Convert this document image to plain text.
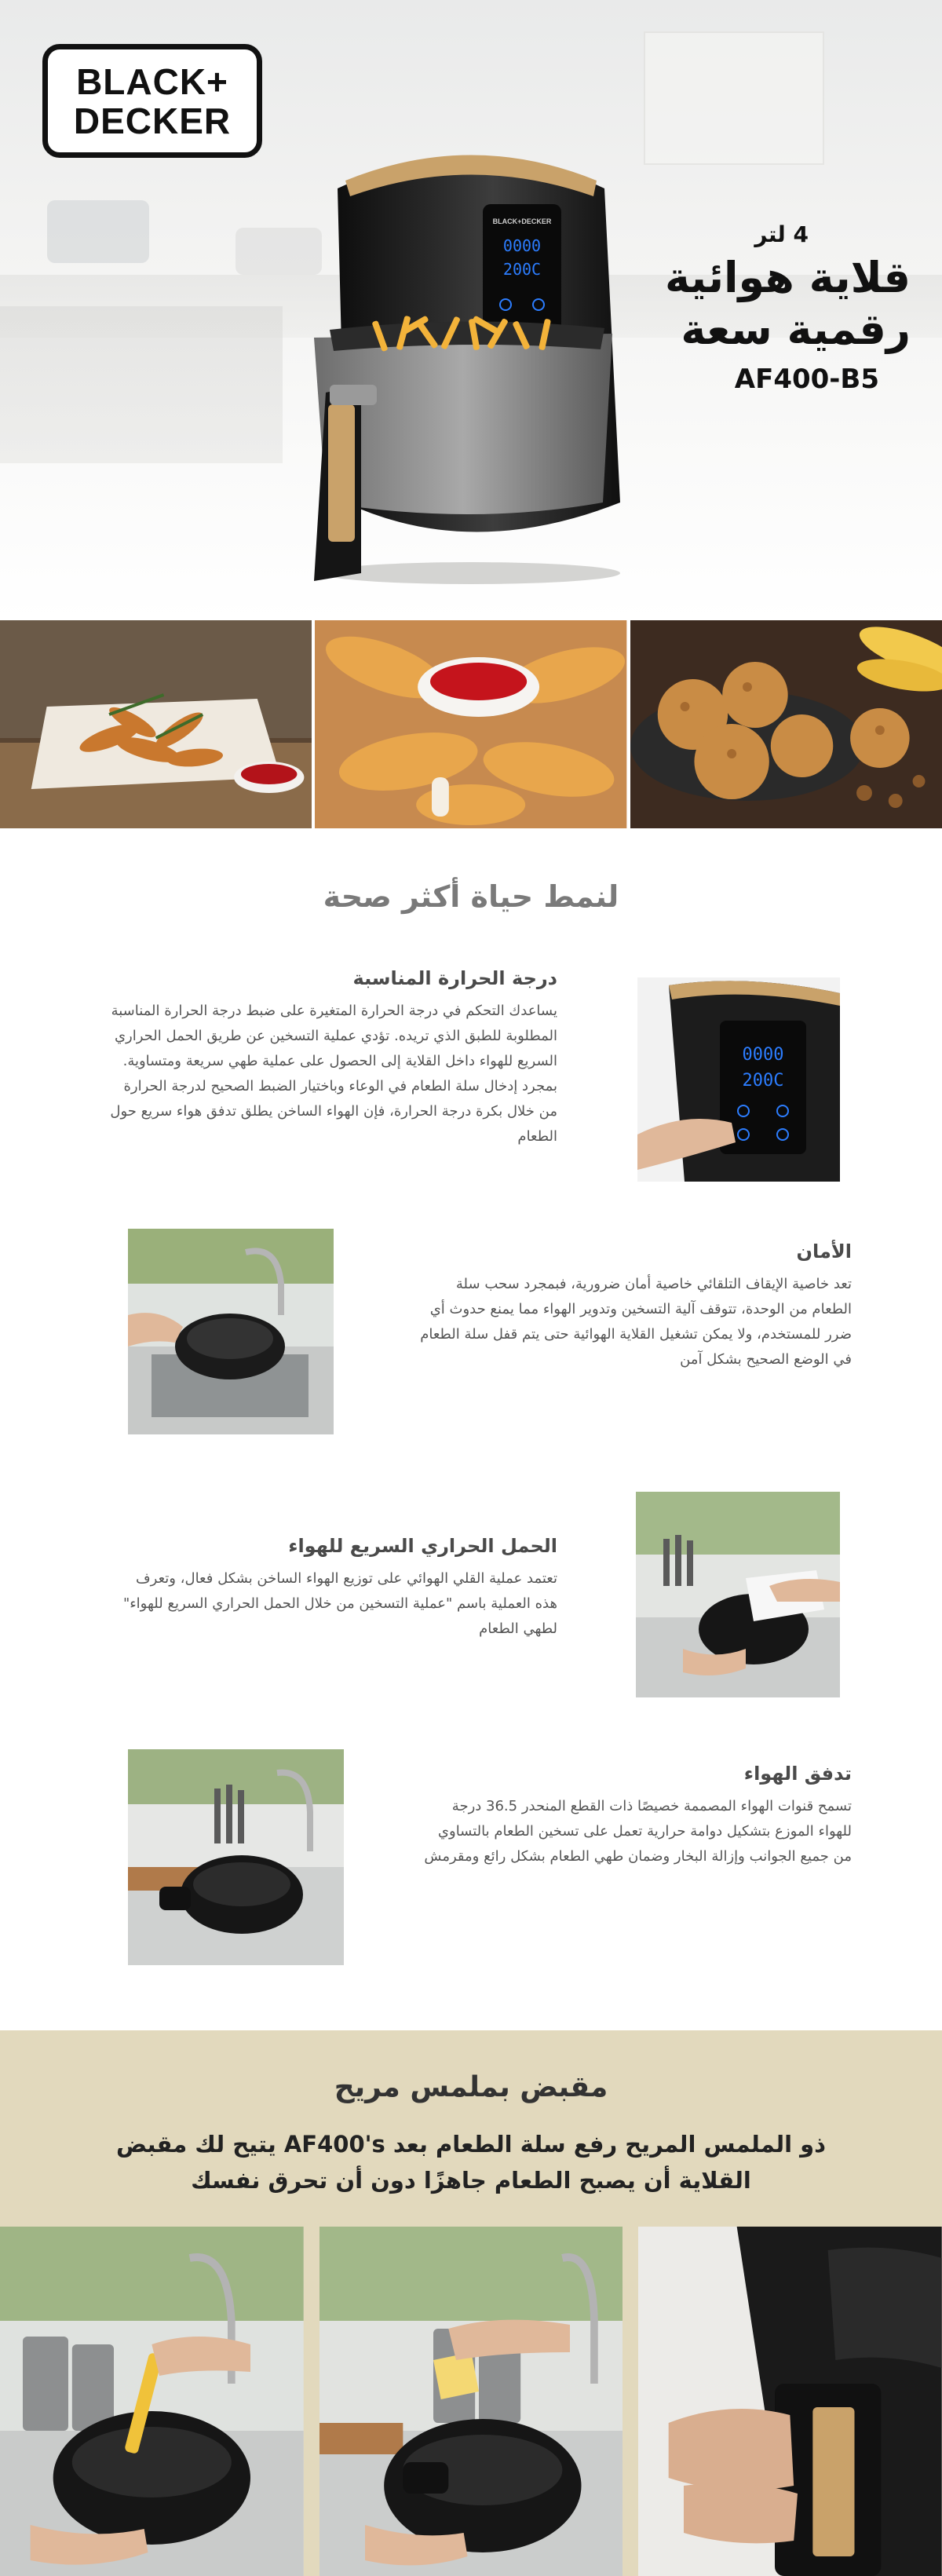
BLACK+
DECKER
BLACK+DECKER
0000
200C
4 لتر
قلاية هوائية
رقمية سعة
AF400-B5
لنمط حياة أكثر صحة
درجة الحرارة المناسبة

يساعدك التحكم في درجة الحرارة المتغيرة على ضبط درجة الحرارة المناسبة المطلوبة للطبق الذي تريده. تؤدي عملية التسخين عن طريق الحمل الحراري السريع للهواء داخل القلاية إلى الحصول على عملية طهي سريعة ومتساوية. بمجرد إدخال سلة الطعام في الوعاء وباختيار الضبط الصحيح لدرجة الحرارة من خلال بكرة درجة الحرارة، فإن الهواء الساخن يطلق تدفق هواء سريع حول الطعام

0000
200C
الأمان

تعد خاصية الإيقاف التلقائي خاصية أمان ضرورية، فبمجرد سحب سلة الطعام من الوحدة، تتوقف آلية التسخين وتدوير الهواء مما يمنع حدوث أي ضرر للمستخدم، ولا يمكن تشغيل القلاية الهوائية حتى يتم قفل سلة الطعام في الوضع الصحيح بشكل آمن

الحمل الحراري السريع للهواء

تعتمد عملية القلي الهوائي على توزيع الهواء الساخن بشكل فعال، وتعرف هذه العملية باسم "عملية التسخين من خلال الحمل الحراري السريع للهواء" لطهي الطعام

تدفق الهواء

تسمح قنوات الهواء المصممة خصيصًا ذات القطع المنحدر 36.5 درجة للهواء الموزع بتشكيل دوامة حرارية تعمل على تسخين الطعام بالتساوي من جميع الجوانب وإزالة البخار وضمان طهي الطعام بشكل رائع ومقرمش

مقبض بملمس مريح
ذو الملمس المريح رفع سلة الطعام بعد AF400's يتيح لك مقبض القلاية أن يصبح الطعام جاهزًا دون أن تحرق نفسك
